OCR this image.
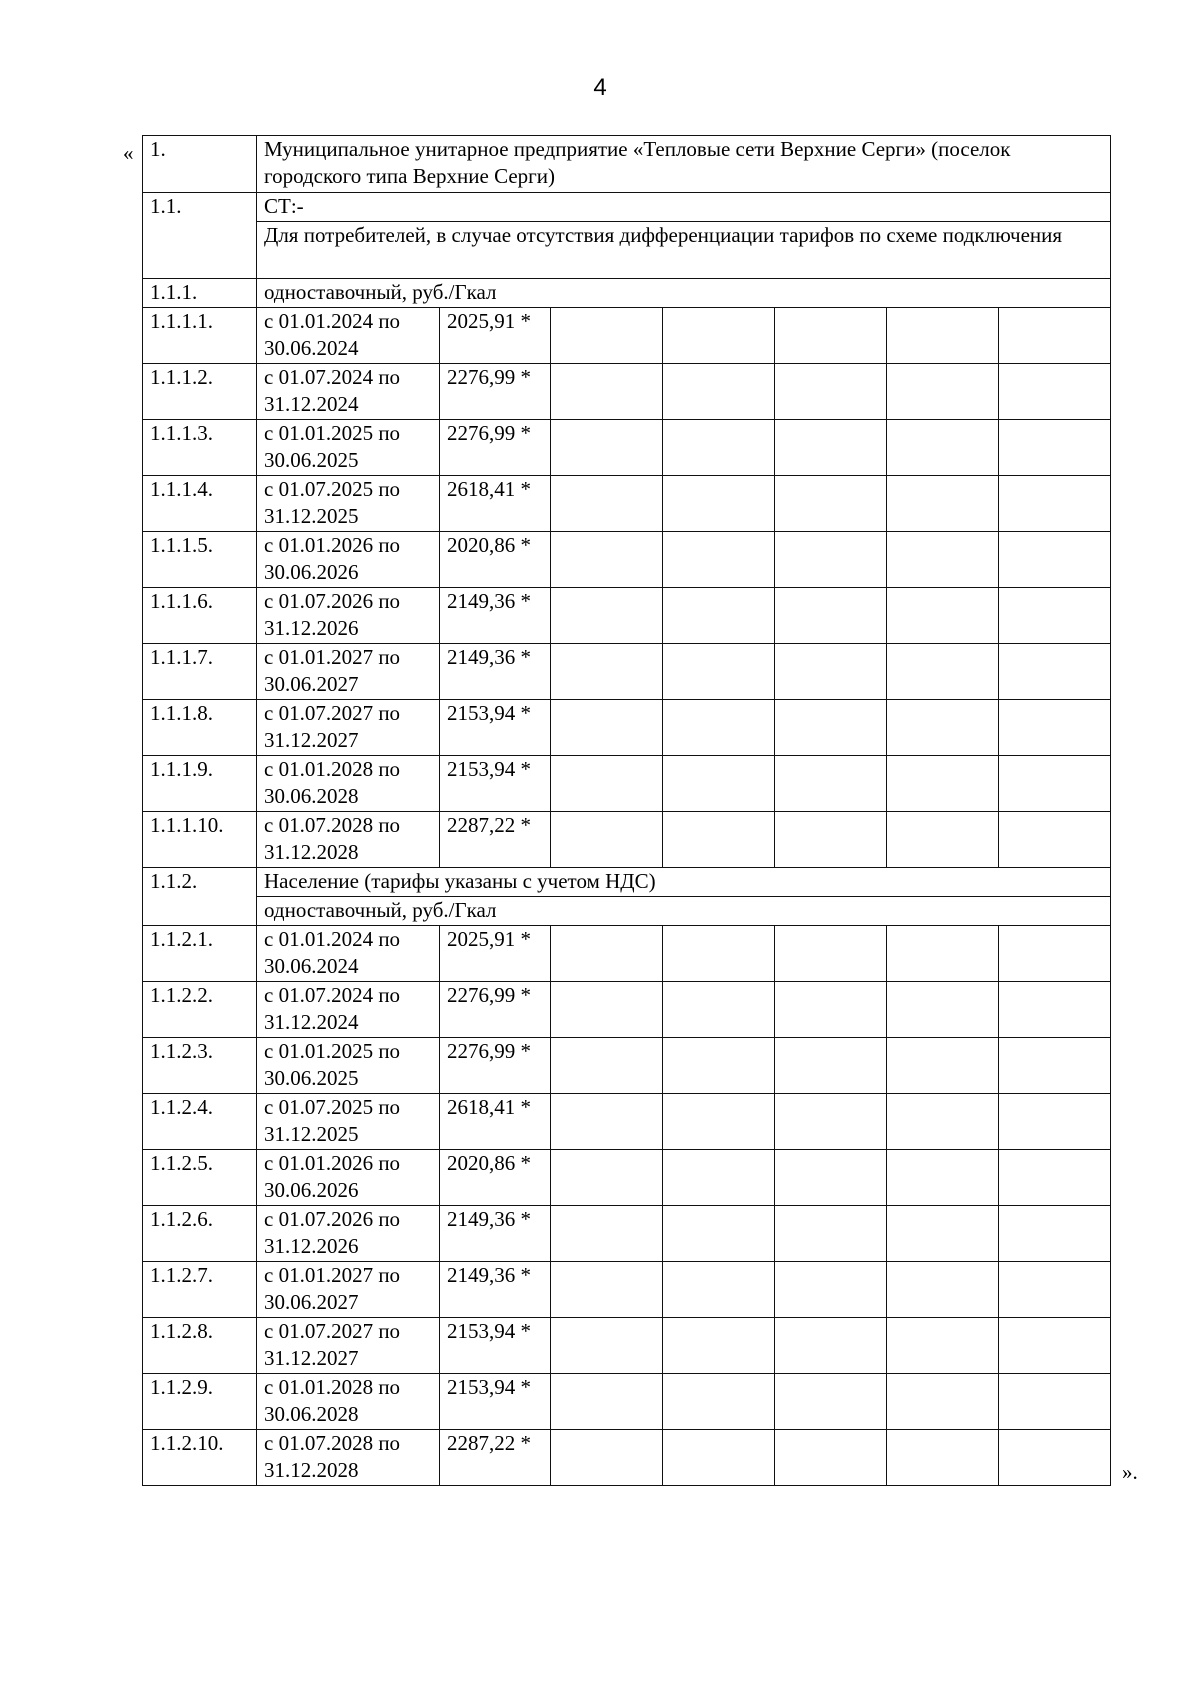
4
« 1.	Муниципальное унитарное предприятие «Тепловые сети Верхние Серги» (поселок городского типа Верхние Серги)						
1.1.	СТ:-						
	Для потребителей, в случае отсутствия дифференциации тарифов по схеме подключения						
1.1.1.	одноставочный, руб./Гкал						
1.1.1.1.	с 01.01.2024 по 30.06.2024	2025,91 *					
1.1.1.2.	с 01.07.2024 по 31.12.2024	2276,99 *					
1.1.1.3.	с 01.01.2025 по 30.06.2025	2276,99 *					
1.1.1.4.	с 01.07.2025 по 31.12.2025	2618,41 *					
1.1.1.5.	с 01.01.2026 по 30.06.2026	2020,86 *					
1.1.1.6.	с 01.07.2026 по 31.12.2026	2149,36 *					
1.1.1.7.	с 01.01.2027 по 30.06.2027	2149,36 *					
1.1.1.8.	с 01.07.2027 по 31.12.2027	2153,94 *					
1.1.1.9.	с 01.01.2028 по 30.06.2028	2153,94 *					
1.1.1.10.	с 01.07.2028 по 31.12.2028	2287,22 *					
1.1.2.	Население (тарифы указаны с учетом НДС)						
	одноставочный, руб./Гкал						
1.1.2.1.	с 01.01.2024 по 30.06.2024	2025,91 *					
1.1.2.2.	с 01.07.2024 по 31.12.2024	2276,99 *					
1.1.2.3.	с 01.01.2025 по 30.06.2025	2276,99 *					
1.1.2.4.	с 01.07.2025 по 31.12.2025	2618,41 *					
1.1.2.5.	с 01.01.2026 по 30.06.2026	2020,86 *					
1.1.2.6.	с 01.07.2026 по 31.12.2026	2149,36 *					
1.1.2.7.	с 01.01.2027 по 30.06.2027	2149,36 *					
1.1.2.8.	с 01.07.2027 по 31.12.2027	2153,94 *					
1.1.2.9.	с 01.01.2028 по 30.06.2028	2153,94 *					
1.1.2.10.	с 01.07.2028 по 31.12.2028	2287,22 *					
».
